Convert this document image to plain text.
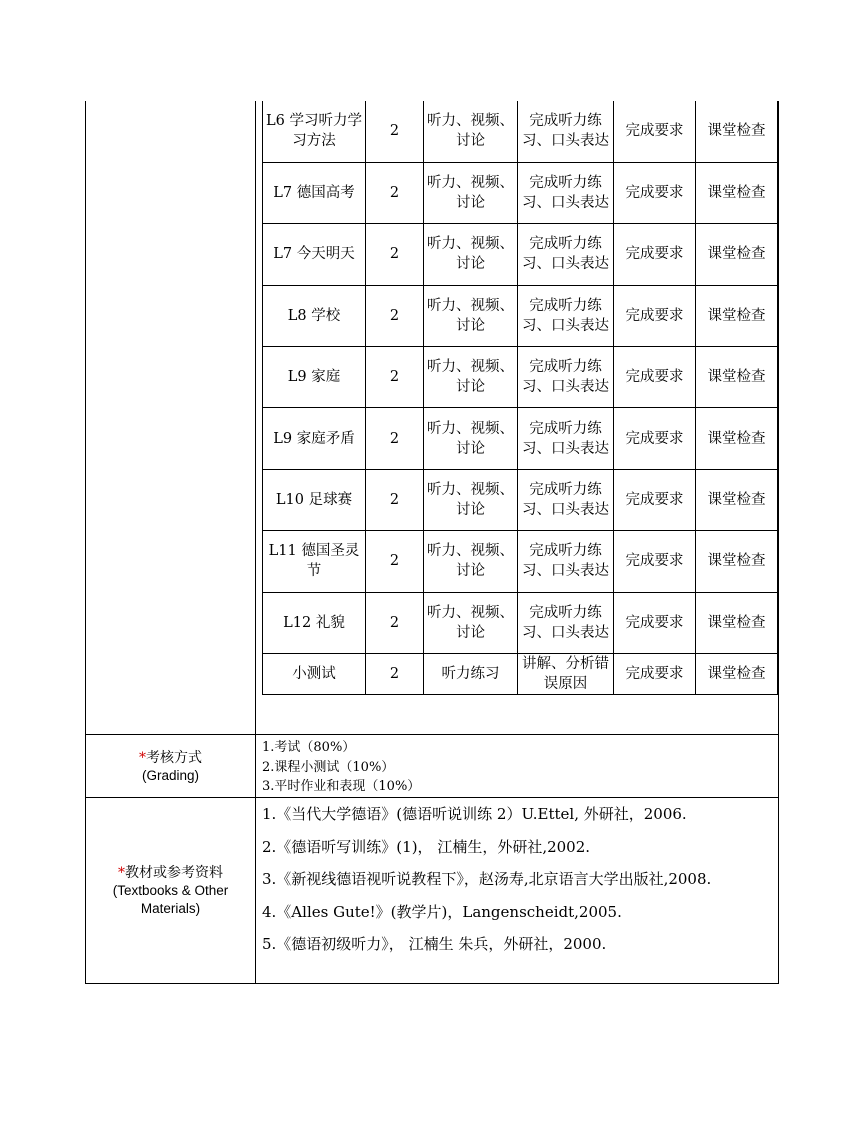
L6 学习听力学习方法	2	听力、视频、讨论	完成听力练习、口头表达	完成要求	课堂检查
L7 德国高考	2	听力、视频、讨论	完成听力练习、口头表达	完成要求	课堂检查
L7 今天明天	2	听力、视频、讨论	完成听力练习、口头表达	完成要求	课堂检查
L8 学校	2	听力、视频、讨论	完成听力练习、口头表达	完成要求	课堂检查
L9 家庭	2	听力、视频、讨论	完成听力练习、口头表达	完成要求	课堂检查
L9 家庭矛盾	2	听力、视频、讨论	完成听力练习、口头表达	完成要求	课堂检查
L10 足球赛	2	听力、视频、讨论	完成听力练习、口头表达	完成要求	课堂检查
L11 德国圣灵节	2	听力、视频、讨论	完成听力练习、口头表达	完成要求	课堂检查
L12 礼貌	2	听力、视频、讨论	完成听力练习、口头表达	完成要求	课堂检查
小测试	2	听力练习	讲解、分析错误原因	完成要求	课堂检查

*考核方式
(Grading)
1.考试（80%）
2.课程小测试（10%）
3.平时作业和表现（10%）
*教材或参考资料
(Textbooks & Other
Materials)
1.《当代大学德语》(德语听说训练 2）U.Ettel, 外研社，2006.
2.《德语听写训练》(1)， 江楠生，外研社,2002.
3.《新视线德语视听说教程下》，赵汤寿,北京语言大学出版社,2008.
4.《Alles Gute!》(教学片)，Langenscheidt,2005.
5.《德语初级听力》， 江楠生 朱兵，外研社，2000.
